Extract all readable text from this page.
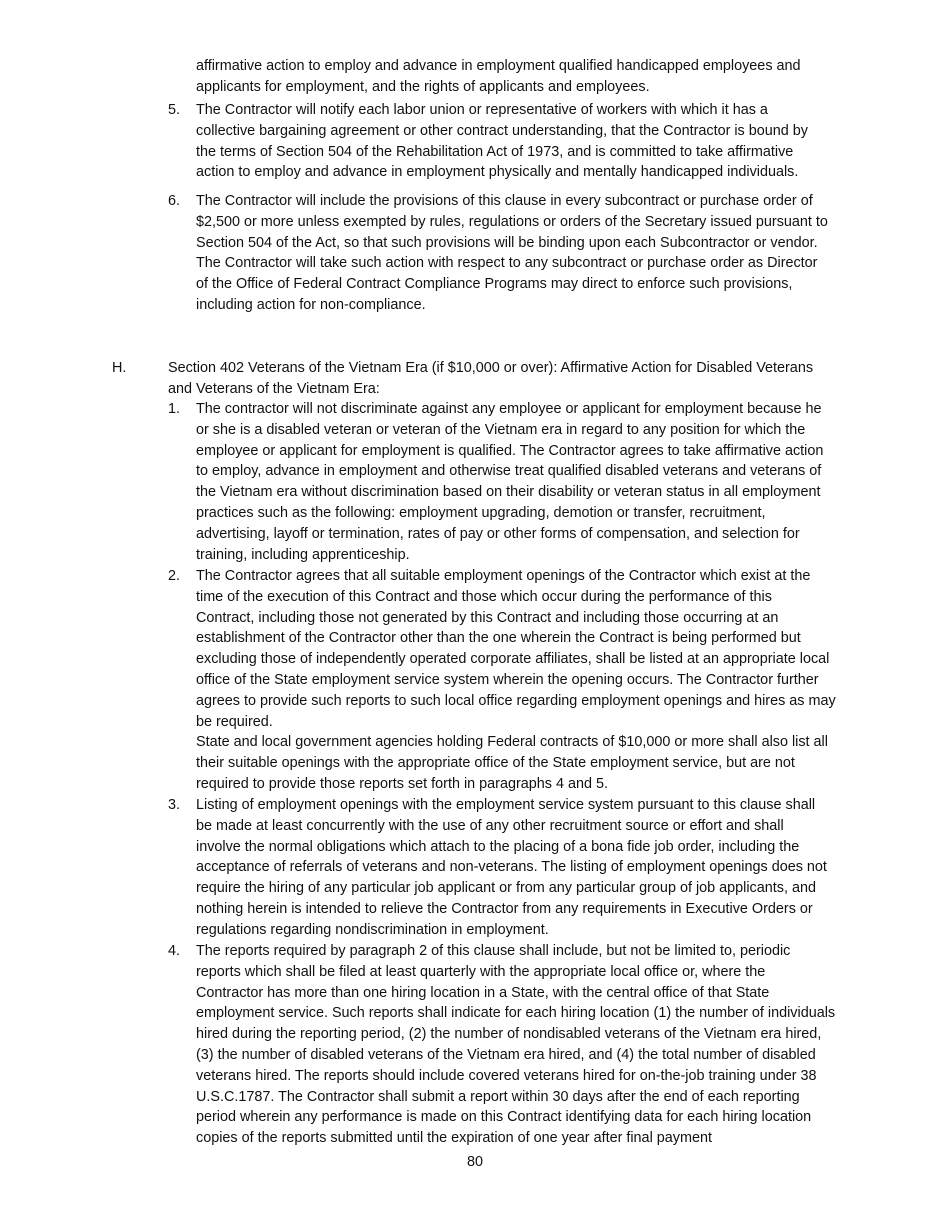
affirmative action to employ and advance in employment qualified handicapped employees and
applicants for employment, and the rights of applicants and employees.
5. The Contractor will notify each labor union or representative of workers with which it has a
collective bargaining agreement or other contract understanding, that the Contractor is bound by
the terms of Section 504 of the Rehabilitation Act of 1973, and is committed to take affirmative
action to employ and advance in employment physically and mentally handicapped individuals.
6. The Contractor will include the provisions of this clause in every subcontract or purchase order of
$2,500 or more unless exempted by rules, regulations or orders of the Secretary issued pursuant to
Section 504 of the Act, so that such provisions will be binding upon each Subcontractor or vendor.
The Contractor will take such action with respect to any subcontract or purchase order as Director
of the Office of Federal Contract Compliance Programs may direct to enforce such provisions,
including action for non-compliance.
H.	Section 402 Veterans of the Vietnam Era (if $10,000 or over): Affirmative Action for Disabled Veterans
and Veterans of the Vietnam Era:
1. The contractor will not discriminate against any employee or applicant for employment because he
or she is a disabled veteran or veteran of the Vietnam era in regard to any position for which the
employee or applicant for employment is qualified. The Contractor agrees to take affirmative action
to employ, advance in employment and otherwise treat qualified disabled veterans and veterans of
the Vietnam era without discrimination based on their disability or veteran status in all employment
practices such as the following: employment upgrading, demotion or transfer, recruitment,
advertising, layoff or termination, rates of pay or other forms of compensation, and selection for
training, including apprenticeship.
2. The Contractor agrees that all suitable employment openings of the Contractor which exist at the
time of the execution of this Contract and those which occur during the performance of this
Contract, including those not generated by this Contract and including those occurring at an
establishment of the Contractor other than the one wherein the Contract is being performed but
excluding those of independently operated corporate affiliates, shall be listed at an appropriate local
office of the State employment service system wherein the opening occurs. The Contractor further
agrees to provide such reports to such local office regarding employment openings and hires as may
be required.
State and local government agencies holding Federal contracts of $10,000 or more shall also list all
their suitable openings with the appropriate office of the State employment service, but are not
required to provide those reports set forth in paragraphs 4 and 5.
3. Listing of employment openings with the employment service system pursuant to this clause shall
be made at least concurrently with the use of any other recruitment source or effort and shall
involve the normal obligations which attach to the placing of a bona fide job order, including the
acceptance of referrals of veterans and non-veterans. The listing of employment openings does not
require the hiring of any particular job applicant or from any particular group of job applicants, and
nothing herein is intended to relieve the Contractor from any requirements in Executive Orders or
regulations regarding nondiscrimination in employment.
4. The reports required by paragraph 2 of this clause shall include, but not be limited to, periodic
reports which shall be filed at least quarterly with the appropriate local office or, where the
Contractor has more than one hiring location in a State, with the central office of that State
employment service. Such reports shall indicate for each hiring location (1) the number of individuals
hired during the reporting period, (2) the number of nondisabled veterans of the Vietnam era hired,
(3) the number of disabled veterans of the Vietnam era hired, and (4) the total number of disabled
veterans hired. The reports should include covered veterans hired for on-the-job training under 38
U.S.C.1787. The Contractor shall submit a report within 30 days after the end of each reporting
period wherein any performance is made on this Contract identifying data for each hiring location
copies of the reports submitted until the expiration of one year after final payment
80
